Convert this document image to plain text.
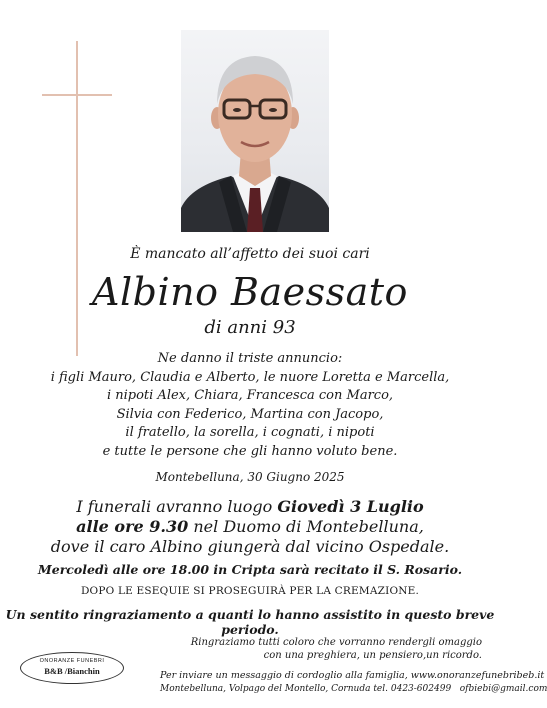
È mancato all’affetto dei suoi cari
Albino Baessato
di anni 93
Ne danno il triste annuncio:
i figli Mauro, Claudia e Alberto, le nuore Loretta e Marcella,
i nipoti Alex, Chiara, Francesca con Marco,
Silvia con Federico, Martina con Jacopo,
il fratello, la sorella, i cognati, i nipoti
e tutte le persone che gli hanno voluto bene.
Montebelluna, 30 Giugno 2025
I funerali avranno luogo Giovedì 3 Luglio
alle ore 9.30 nel Duomo di Montebelluna,
dove il caro Albino giungerà dal vicino Ospedale.
Mercoledì alle ore 18.00 in Cripta sarà recitato il S. Rosario.
DOPO LE ESEQUIE SI PROSEGUIRÀ PER LA CREMAZIONE.
Un sentito ringraziamento a quanti lo hanno assistito in questo breve periodo.
Ringraziamo tutti coloro che vorranno rendergli omaggio
con una preghiera, un pensiero,un ricordo.
ONORANZE FUNEBRI
B&B /Bianchin	Per inviare un messaggio di cordoglio alla famiglia, www.onoranzefunebribeb.it
Montebelluna, Volpago del Montello, Cornuda tel. 0423-602499 ofbiebi@gmail.com
